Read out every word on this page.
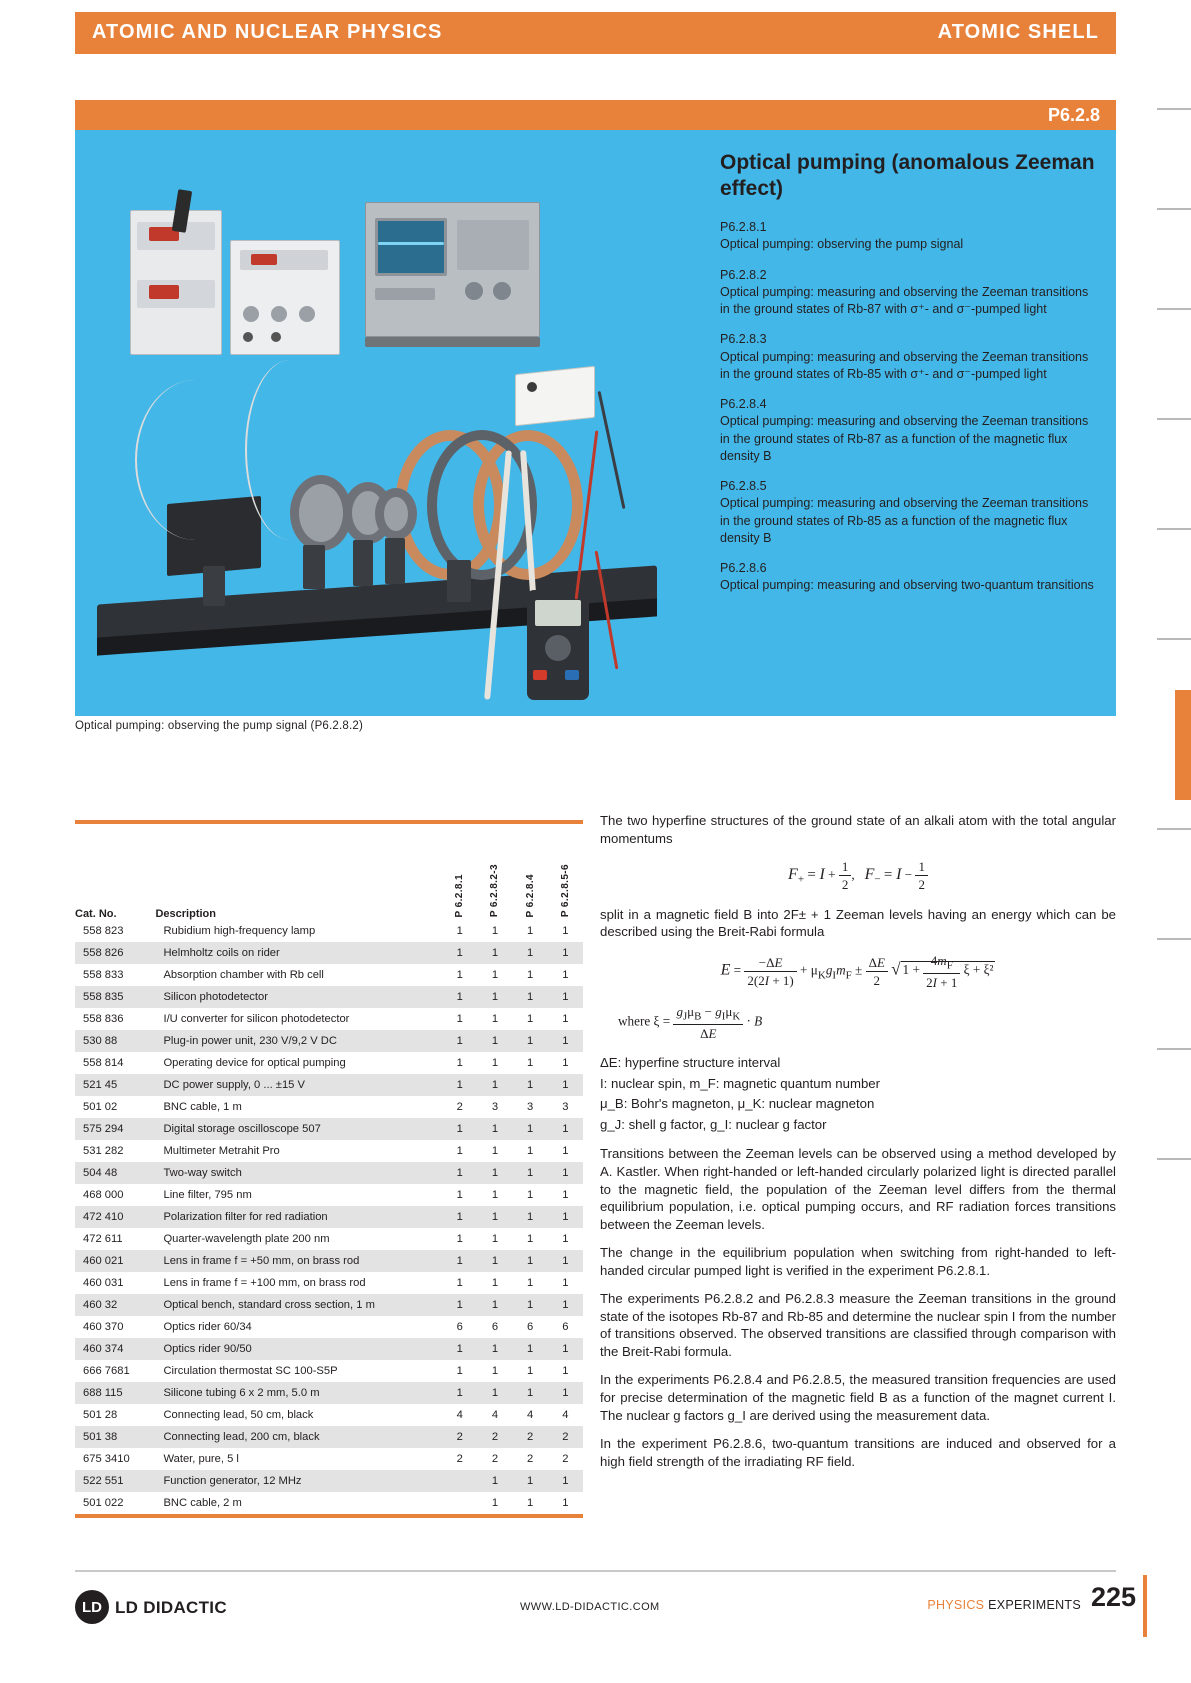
ATOMIC AND NUCLEAR PHYSICS	ATOMIC SHELL
P6.2.8
Optical pumping (anomalous Zeeman effect)
P6.2.8.1
Optical pumping: observing the pump signal
P6.2.8.2
Optical pumping: measuring and observing the Zeeman transitions in the ground states of Rb-87 with σ⁺- and σ⁻-pumped light
P6.2.8.3
Optical pumping: measuring and observing the Zeeman transitions in the ground states of Rb-85 with σ⁺- and σ⁻-pumped light
P6.2.8.4
Optical pumping: measuring and observing the Zeeman transitions in the ground states of Rb-87 as a function of the magnetic flux density B
P6.2.8.5
Optical pumping: measuring and observing the Zeeman transitions in the ground states of Rb-85 as a function of the magnetic flux density B
P6.2.8.6
Optical pumping: measuring and observing two-quantum transitions
Optical pumping: observing the pump signal (P6.2.8.2)
Cat. No.	Description	P 6.2.8.1	P 6.2.8.2-3	P 6.2.8.4	P 6.2.8.5-6
558 823	Rubidium high-frequency lamp	1	1	1	1
558 826	Helmholtz coils on rider	1	1	1	1
558 833	Absorption chamber with Rb cell	1	1	1	1
558 835	Silicon photodetector	1	1	1	1
558 836	I/U converter for silicon photodetector	1	1	1	1
530 88	Plug-in power unit, 230 V/9,2 V DC	1	1	1	1
558 814	Operating device for optical pumping	1	1	1	1
521 45	DC power supply, 0 ... ±15 V	1	1	1	1
501 02	BNC cable, 1 m	2	3	3	3
575 294	Digital storage oscilloscope 507	1	1	1	1
531 282	Multimeter Metrahit Pro	1	1	1	1
504 48	Two-way switch	1	1	1	1
468 000	Line filter, 795 nm	1	1	1	1
472 410	Polarization filter for red radiation	1	1	1	1
472 611	Quarter-wavelength plate 200 nm	1	1	1	1
460 021	Lens in frame f = +50 mm, on brass rod	1	1	1	1
460 031	Lens in frame f = +100 mm, on brass rod	1	1	1	1
460 32	Optical bench, standard cross section, 1 m	1	1	1	1
460 370	Optics rider 60/34	6	6	6	6
460 374	Optics rider 90/50	1	1	1	1
666 7681	Circulation thermostat SC 100-S5P	1	1	1	1
688 115	Silicone tubing 6 x 2 mm, 5.0 m	1	1	1	1
501 28	Connecting lead, 50 cm, black	4	4	4	4
501 38	Connecting lead, 200 cm, black	2	2	2	2
675 3410	Water, pure, 5 l	2	2	2	2
522 551	Function generator, 12 MHz		1	1	1
501 022	BNC cable, 2 m		1	1	1

The two hyperfine structures of the ground state of an alkali atom with the total angular momentums

$F_+ = I + \frac{1}{2}$ ,   $F_- = I - \frac{1}{2}$

split in a magnetic field B into 2F± + 1 Zeeman levels having an energy which can be described using the Breit-Rabi formula

$E = \frac{-\Delta E}{2(2I + 1)} + \mu_Kg_Im_F \pm \frac{\Delta E}{2}$ √ $1 + \frac{4m_F}{2I + 1}$ ξ + ξ²
where $\xi = \frac{g_J\mu_B - g_I\mu_K}{\Delta E} \cdot B$
ΔE: hyperfine structure interval
I: nuclear spin, m_F: magnetic quantum number
μ_B: Bohr's magneton, μ_K: nuclear magneton
g_J: shell g factor, g_I: nuclear g factor

Transitions between the Zeeman levels can be observed using a method developed by A. Kastler. When right-handed or left-handed circularly polarized light is directed parallel to the magnetic field, the population of the Zeeman level differs from the thermal equilibrium population, i.e. optical pumping occurs, and RF radiation forces transitions between the Zeeman levels.

The change in the equilibrium population when switching from right-handed to left-handed circular pumped light is verified in the experiment P6.2.8.1.

The experiments P6.2.8.2 and P6.2.8.3 measure the Zeeman transitions in the ground state of the isotopes Rb-87 and Rb-85 and determine the nuclear spin I from the number of transitions observed. The observed transitions are classified through comparison with the Breit-Rabi formula.

In the experiments P6.2.8.4 and P6.2.8.5, the measured transition frequencies are used for precise determination of the magnetic field B as a function of the magnet current I. The nuclear g factors g_I are derived using the measurement data.

In the experiment P6.2.8.6, two-quantum transitions are induced and observed for a high field strength of the irradiating RF field.

LD LD DIDACTIC	WWW.LD-DIDACTIC.COM	PHYSICS EXPERIMENTS 225
